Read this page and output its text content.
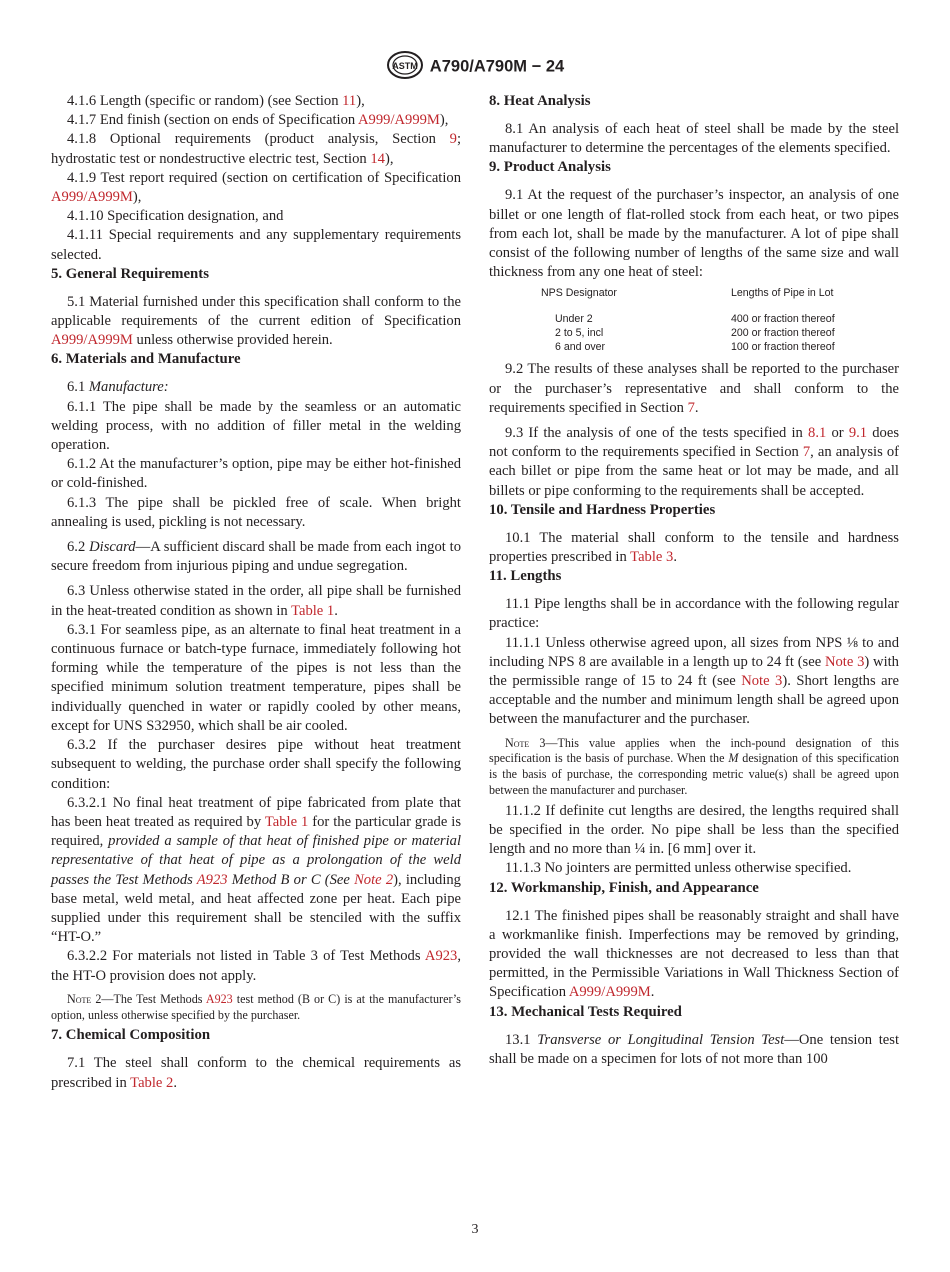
ASTM A790/A790M − 24

4.1.6 Length (specific or random) (see Section 11),

4.1.7 End finish (section on ends of Specification A999/A999M),

4.1.8 Optional requirements (product analysis, Section 9; hydrostatic test or nondestructive electric test, Section 14),

4.1.9 Test report required (section on certification of Specification A999/A999M),

4.1.10 Specification designation, and

4.1.11 Special requirements and any supplementary requirements selected.

5. General Requirements

5.1 Material furnished under this specification shall conform to the applicable requirements of the current edition of Specification A999/A999M unless otherwise provided herein.

6. Materials and Manufacture

6.1 Manufacture:

6.1.1 The pipe shall be made by the seamless or an automatic welding process, with no addition of filler metal in the welding operation.

6.1.2 At the manufacturer’s option, pipe may be either hot-finished or cold-finished.

6.1.3 The pipe shall be pickled free of scale. When bright annealing is used, pickling is not necessary.

6.2 Discard—A sufficient discard shall be made from each ingot to secure freedom from injurious piping and undue segregation.

6.3 Unless otherwise stated in the order, all pipe shall be furnished in the heat-treated condition as shown in Table 1.

6.3.1 For seamless pipe, as an alternate to final heat treatment in a continuous furnace or batch-type furnace, immediately following hot forming while the temperature of the pipes is not less than the specified minimum solution treatment temperature, pipes shall be individually quenched in water or rapidly cooled by other means, except for UNS S32950, which shall be air cooled.

6.3.2 If the purchaser desires pipe without heat treatment subsequent to welding, the purchase order shall specify the following condition:

6.3.2.1 No final heat treatment of pipe fabricated from plate that has been heat treated as required by Table 1 for the particular grade is required, provided a sample of that heat of finished pipe or material representative of that heat of pipe as a prolongation of the weld passes the Test Methods A923 Method B or C (See Note 2), including base metal, weld metal, and heat affected zone per heat. Each pipe supplied under this requirement shall be stenciled with the suffix “HT-O.”

6.3.2.2 For materials not listed in Table 3 of Test Methods A923, the HT-O provision does not apply.

Note 2—The Test Methods A923 test method (B or C) is at the manufacturer’s option, unless otherwise specified by the purchaser.

7. Chemical Composition

7.1 The steel shall conform to the chemical requirements as prescribed in Table 2.

8. Heat Analysis

8.1 An analysis of each heat of steel shall be made by the steel manufacturer to determine the percentages of the elements specified.

9. Product Analysis

9.1 At the request of the purchaser’s inspector, an analysis of one billet or one length of flat-rolled stock from each heat, or two pipes from each lot, shall be made by the manufacturer. A lot of pipe shall consist of the following number of lengths of the same size and wall thickness from any one heat of steel:

NPS Designator	Lengths of Pipe in Lot

Under 2	400 or fraction thereof
2 to 5, incl	200 or fraction thereof
6 and over	100 or fraction thereof

9.2 The results of these analyses shall be reported to the purchaser or the purchaser’s representative and shall conform to the requirements specified in Section 7.

9.3 If the analysis of one of the tests specified in 8.1 or 9.1 does not conform to the requirements specified in Section 7, an analysis of each billet or pipe from the same heat or lot may be made, and all billets or pipe conforming to the requirements shall be accepted.

10. Tensile and Hardness Properties

10.1 The material shall conform to the tensile and hardness properties prescribed in Table 3.

11. Lengths

11.1 Pipe lengths shall be in accordance with the following regular practice:

11.1.1 Unless otherwise agreed upon, all sizes from NPS ⅛ to and including NPS 8 are available in a length up to 24 ft (see Note 3) with the permissible range of 15 to 24 ft (see Note 3). Short lengths are acceptable and the number and minimum length shall be agreed upon between the manufacturer and the purchaser.

Note 3—This value applies when the inch-pound designation of this specification is the basis of purchase. When the M designation of this specification is the basis of purchase, the corresponding metric value(s) shall be agreed upon between the manufacturer and purchaser.

11.1.2 If definite cut lengths are desired, the lengths required shall be specified in the order. No pipe shall be less than the specified length and no more than ¼ in. [6 mm] over it.

11.1.3 No jointers are permitted unless otherwise specified.

12. Workmanship, Finish, and Appearance

12.1 The finished pipes shall be reasonably straight and shall have a workmanlike finish. Imperfections may be removed by grinding, provided the wall thicknesses are not decreased to less than that permitted, in the Permissible Variations in Wall Thickness Section of Specification A999/A999M.

13. Mechanical Tests Required

13.1 Transverse or Longitudinal Tension Test—One tension test shall be made on a specimen for lots of not more than 100

3
